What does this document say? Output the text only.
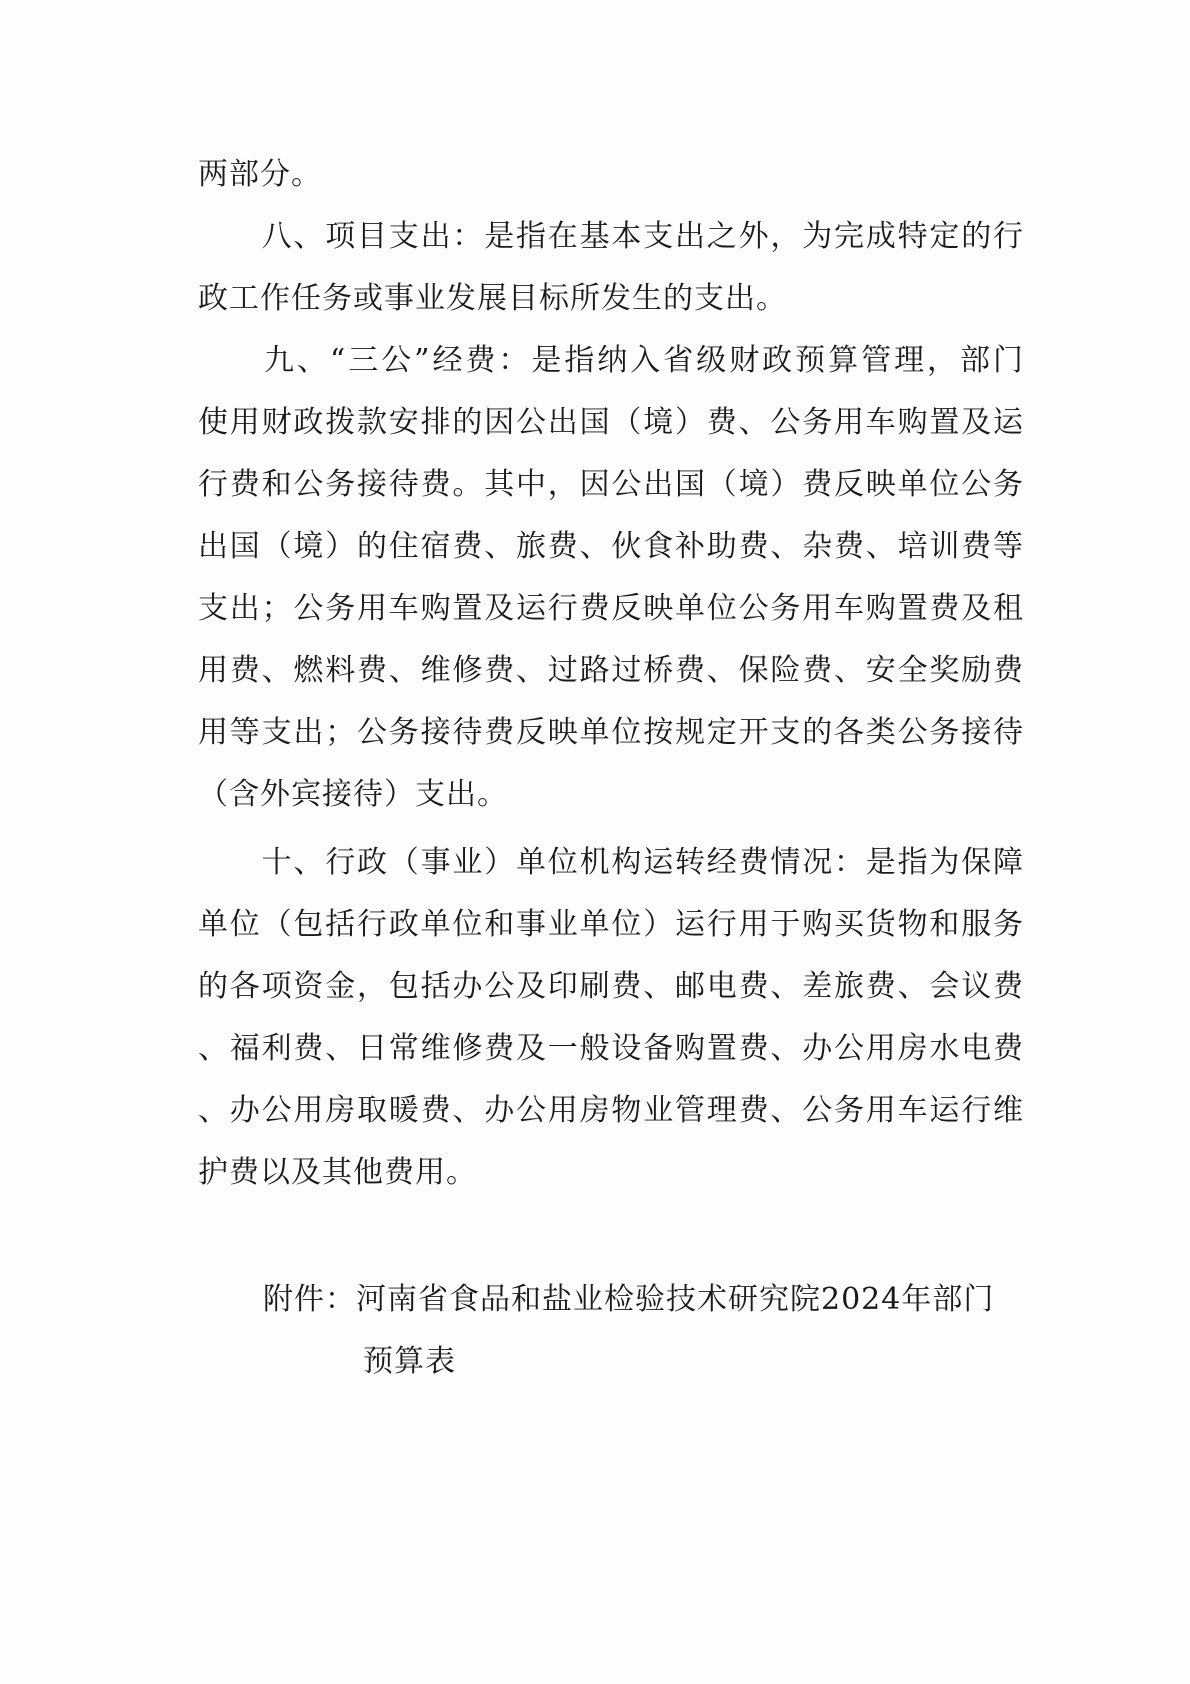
两部分。
　　八、项目支出：是指在基本支出之外，为完成特定的行
政工作任务或事业发展目标所发生的支出。
　　九、“三公”经费：是指纳入省级财政预算管理，部门
使用财政拨款安排的因公出国（境）费、公务用车购置及运
行费和公务接待费。其中，因公出国（境）费反映单位公务
出国（境）的住宿费、旅费、伙食补助费、杂费、培训费等
支出；公务用车购置及运行费反映单位公务用车购置费及租
用费、燃料费、维修费、过路过桥费、保险费、安全奖励费
用等支出；公务接待费反映单位按规定开支的各类公务接待
（含外宾接待）支出。
　　十、行政（事业）单位机构运转经费情况：是指为保障
单位（包括行政单位和事业单位）运行用于购买货物和服务
的各项资金，包括办公及印刷费、邮电费、差旅费、会议费
、福利费、日常维修费及一般设备购置费、办公用房水电费
、办公用房取暖费、办公用房物业管理费、公务用车运行维
护费以及其他费用。
附件：河南省食品和盐业检验技术研究院2024年部门
预算表
